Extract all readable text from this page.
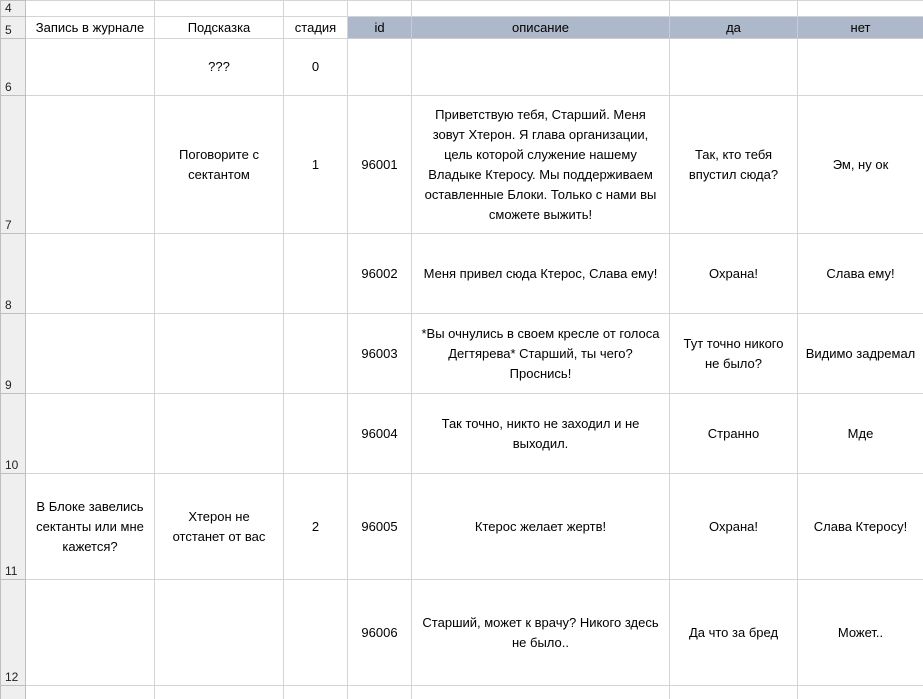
4							
5	Запись в журнале	Подсказка	стадия	id	описание	да	нет
6		???	0				
7		Поговорите с сектантом	1	96001	Приветствую тебя, Старший. Меня зовут Хтерон. Я глава организации, цель которой служение нашему Владыке Ктеросу. Мы поддерживаем оставленные Блоки. Только с нами вы сможете выжить!	Так, кто тебя впустил сюда?	Эм, ну ок
8				96002	Меня привел сюда Ктерос, Слава ему!	Охрана!	Слава ему!
9				96003	*Вы очнулись в своем кресле от голоса Дегтярева* Старший, ты чего? Проснись!	Тут точно никого не было?	Видимо задремал
10				96004	Так точно, никто не заходил и не выходил.	Странно	Мде
11	В Блоке завелись сектанты или мне кажется?	Хтерон не отстанет от вас	2	96005	Ктерос желает жертв!	Охрана!	Слава Ктеросу!
12				96006	Старший, может к врачу? Никого здесь не было..	Да что за бред	Может..
